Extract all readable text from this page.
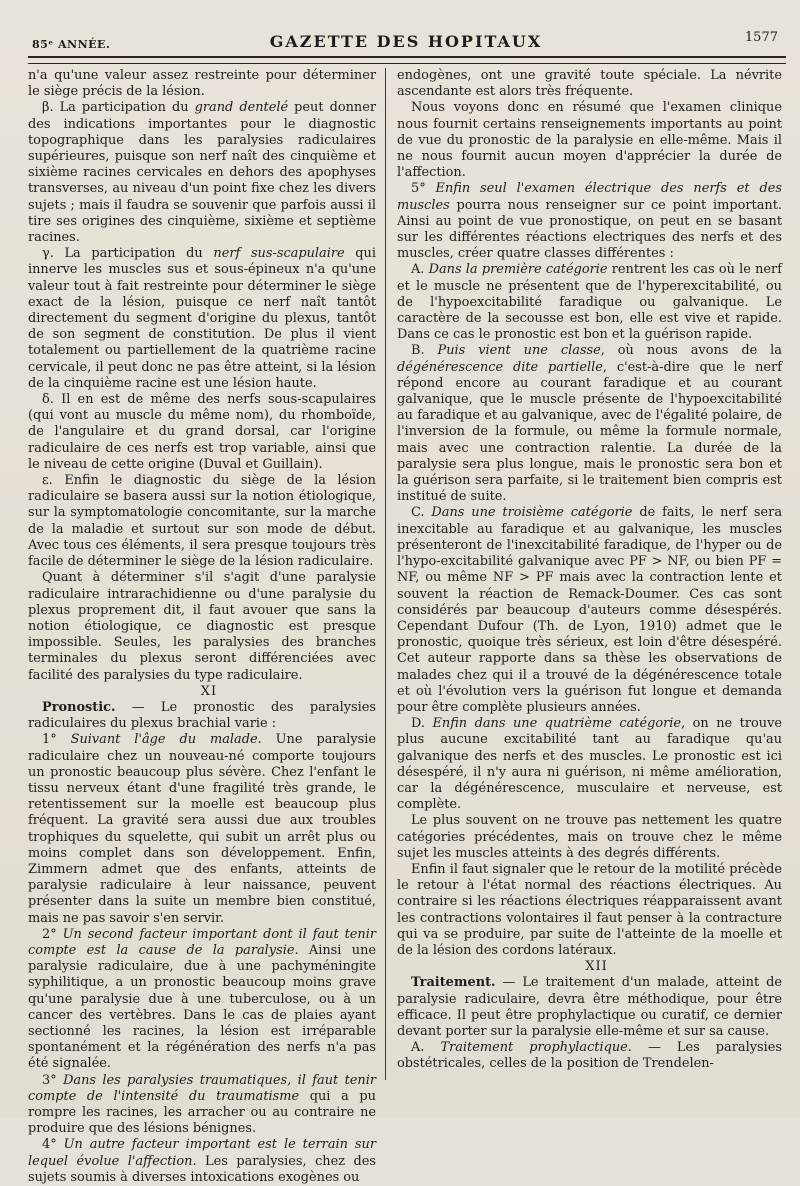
85ᵉ ANNÉE.	GAZETTE DES HOPITAUX	1577

n'a qu'une valeur assez restreinte pour déterminer le siège précis de la lésion.

β. La participation du grand dentelé peut donner des indications importantes pour le diagnostic topographique dans les paralysies radiculaires supérieures, puisque son nerf naît des cinquième et sixième racines cervicales en dehors des apophyses transverses, au niveau d'un point fixe chez les divers sujets ; mais il faudra se souvenir que parfois aussi il tire ses origines des cinquième, sixième et septième racines.

γ. La participation du nerf sus-scapulaire qui innerve les muscles sus et sous-épineux n'a qu'une valeur tout à fait restreinte pour déterminer le siège exact de la lésion, puisque ce nerf naît tantôt directement du segment d'origine du plexus, tantôt de son segment de constitution. De plus il vient totalement ou partiellement de la quatrième racine cervicale, il peut donc ne pas être atteint, si la lésion de la cinquième racine est une lésion haute.

δ. Il en est de même des nerfs sous-scapulaires (qui vont au muscle du même nom), du rhomboïde, de l'angulaire et du grand dorsal, car l'origine radiculaire de ces nerfs est trop variable, ainsi que le niveau de cette origine (Duval et Guillain).

ε. Enfin le diagnostic du siège de la lésion radiculaire se basera aussi sur la notion étiologique, sur la symptomatologie concomitante, sur la marche de la maladie et surtout sur son mode de début. Avec tous ces éléments, il sera presque toujours très facile de déterminer le siège de la lésion radiculaire.

Quant à déterminer s'il s'agit d'une paralysie radiculaire intrarachidienne ou d'une paralysie du plexus proprement dit, il faut avouer que sans la notion étiologique, ce diagnostic est presque impossible. Seules, les paralysies des branches terminales du plexus seront différenciées avec facilité des paralysies du type radiculaire.

XI

Pronostic. — Le pronostic des paralysies radiculaires du plexus brachial varie :

1° Suivant l'âge du malade. Une paralysie radiculaire chez un nouveau-né comporte toujours un pronostic beaucoup plus sévère. Chez l'enfant le tissu nerveux étant d'une fragilité très grande, le retentissement sur la moelle est beaucoup plus fréquent. La gravité sera aussi due aux troubles trophiques du squelette, qui subit un arrêt plus ou moins complet dans son développement. Enfin, Zimmern admet que des enfants, atteints de paralysie radiculaire à leur naissance, peuvent présenter dans la suite un membre bien constitué, mais ne pas savoir s'en servir.

2° Un second facteur important dont il faut tenir compte est la cause de la paralysie. Ainsi une paralysie radiculaire, due à une pachyméningite syphilitique, a un pronostic beaucoup moins grave qu'une paralysie due à une tuberculose, ou à un cancer des vertèbres. Dans le cas de plaies ayant sectionné les racines, la lésion est irréparable spontanément et la régénération des nerfs n'a pas été signalée.

3° Dans les paralysies traumatiques, il faut tenir compte de l'intensité du traumatisme qui a pu rompre les racines, les arracher ou au contraire ne produire que des lésions bénignes.

4° Un autre facteur important est le terrain sur lequel évolue l'affection. Les paralysies, chez des sujets soumis à diverses intoxications exogènes ou

endogènes, ont une gravité toute spéciale. La névrite ascendante est alors très fréquente.

Nous voyons donc en résumé que l'examen clinique nous fournit certains renseignements importants au point de vue du pronostic de la paralysie en elle-même. Mais il ne nous fournit aucun moyen d'apprécier la durée de l'affection.

5° Enfin seul l'examen électrique des nerfs et des muscles pourra nous renseigner sur ce point important. Ainsi au point de vue pronostique, on peut en se basant sur les différentes réactions electriques des nerfs et des muscles, créer quatre classes différentes :

A. Dans la première catégorie rentrent les cas où le nerf et le muscle ne présentent que de l'hyperexcitabilité, ou de l'hypoexcitabilité faradique ou galvanique. Le caractère de la secousse est bon, elle est vive et rapide. Dans ce cas le pronostic est bon et la guérison rapide.

B. Puis vient une classe, où nous avons de la dégénérescence dite partielle, c'est-à-dire que le nerf répond encore au courant faradique et au courant galvanique, que le muscle présente de l'hypoexcitabilité au faradique et au galvanique, avec de l'égalité polaire, de l'inversion de la formule, ou même la formule normale, mais avec une contraction ralentie. La durée de la paralysie sera plus longue, mais le pronostic sera bon et la guérison sera parfaite, si le traitement bien compris est institué de suite.

C. Dans une troisième catégorie de faits, le nerf sera inexcitable au faradique et au galvanique, les muscles présenteront de l'inexcitabilité faradique, de l'hyper ou de l'hypo-excitabilité galvanique avec PF > NF, ou bien PF = NF, ou même NF > PF mais avec la contraction lente et souvent la réaction de Remack-Doumer. Ces cas sont considérés par beaucoup d'auteurs comme désespérés. Cependant Dufour (Th. de Lyon, 1910) admet que le pronostic, quoique très sérieux, est loin d'être désespéré. Cet auteur rapporte dans sa thèse les observations de malades chez qui il a trouvé de la dégénérescence totale et où l'évolution vers la guérison fut longue et demanda pour être complète plusieurs années.

D. Enfin dans une quatrième catégorie, on ne trouve plus aucune excitabilité tant au faradique qu'au galvanique des nerfs et des muscles. Le pronostic est ici désespéré, il n'y aura ni guérison, ni même amélioration, car la dégénérescence, musculaire et nerveuse, est complète.

Le plus souvent on ne trouve pas nettement les quatre catégories précédentes, mais on trouve chez le même sujet les muscles atteints à des degrés différents.

Enfin il faut signaler que le retour de la motilité précède le retour à l'état normal des réactions électriques. Au contraire si les réactions électriques réapparaissent avant les contractions volontaires il faut penser à la contracture qui va se produire, par suite de l'atteinte de la moelle et de la lésion des cordons latéraux.

XII

Traitement. — Le traitement d'un malade, atteint de paralysie radiculaire, devra être méthodique, pour être efficace. Il peut être prophylactique ou curatif, ce dernier devant porter sur la paralysie elle-même et sur sa cause.

A. Traitement prophylactique. — Les paralysies obstétricales, celles de la position de Trendelen-
